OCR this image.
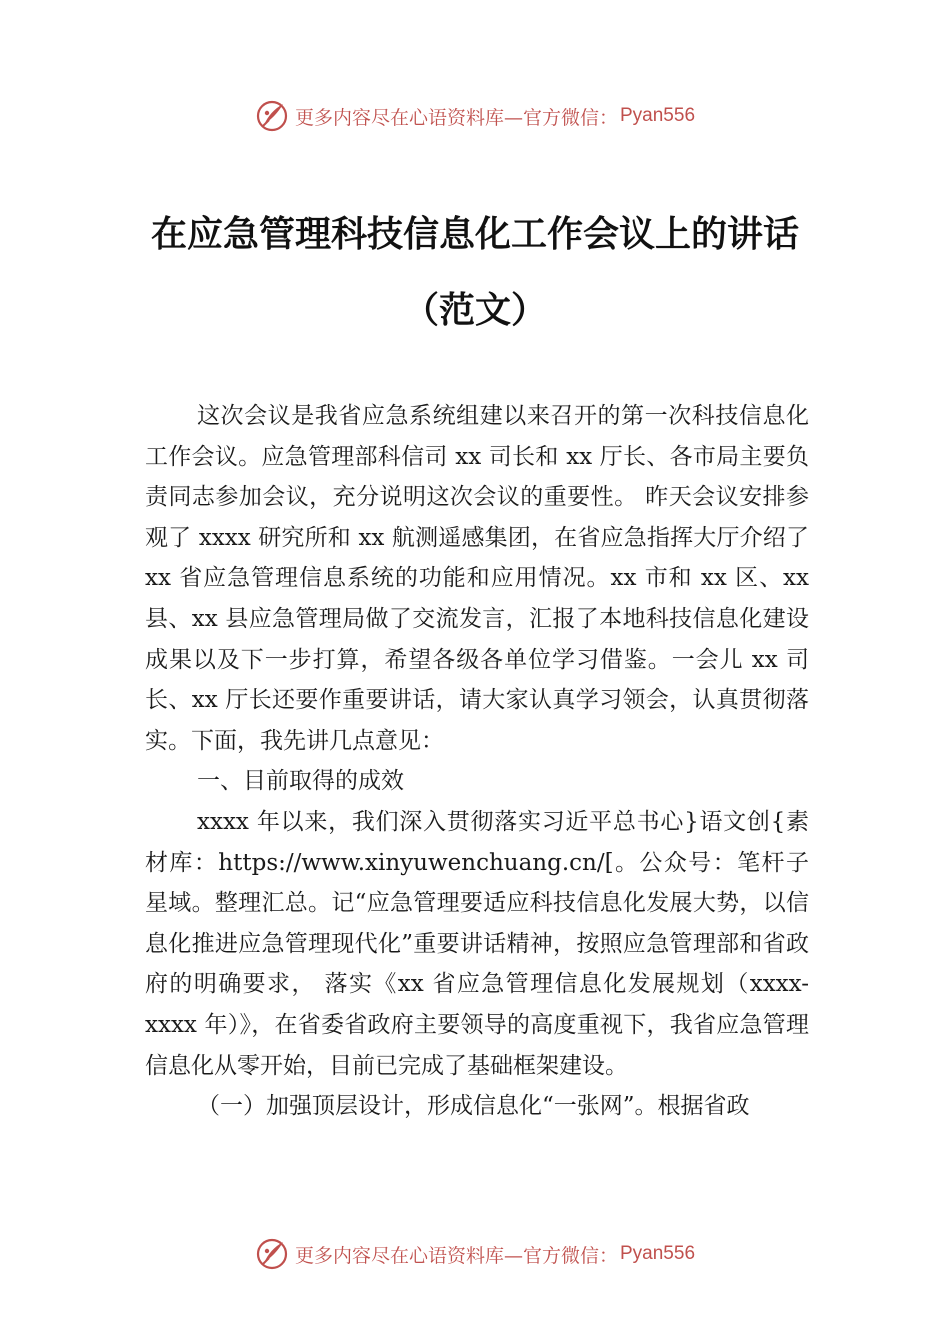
更多内容尽在心语资料库—官方微信： Pyan556
在应急管理科技信息化工作会议上的讲话
（范文）

这次会议是我省应急系统组建以来召开的第一次科技信息化工作会议。应急管理部科信司 xx 司长和 xx 厅长、各市局主要负责同志参加会议，充分说明这次会议的重要性。 昨天会议安排参观了 xxxx 研究所和 xx 航测遥感集团，在省应急指挥大厅介绍了 xx 省应急管理信息系统的功能和应用情况。xx 市和 xx 区、xx 县、xx 县应急管理局做了交流发言，汇报了本地科技信息化建设成果以及下一步打算，希望各级各单位学习借鉴。一会儿 xx 司长、xx 厅长还要作重要讲话，请大家认真学习领会，认真贯彻落实。下面，我先讲几点意见：

一、目前取得的成效

xxxx 年以来，我们深入贯彻落实习近平总书心}语文创{素材库：https://www.xinyuwenchuang.cn/[。公众号：笔杆子星域。整理汇总。记“应急管理要适应科技信息化发展大势，以信息化推进应急管理现代化”重要讲话精神，按照应急管理部和省政府的明确要求， 落实《xx 省应急管理信息化发展规划（xxxx-xxxx 年）》，在省委省政府主要领导的高度重视下，我省应急管理信息化从零开始，目前已完成了基础框架建设。

（一）加强顶层设计，形成信息化“一张网”。根据省政

更多内容尽在心语资料库—官方微信： Pyan556
